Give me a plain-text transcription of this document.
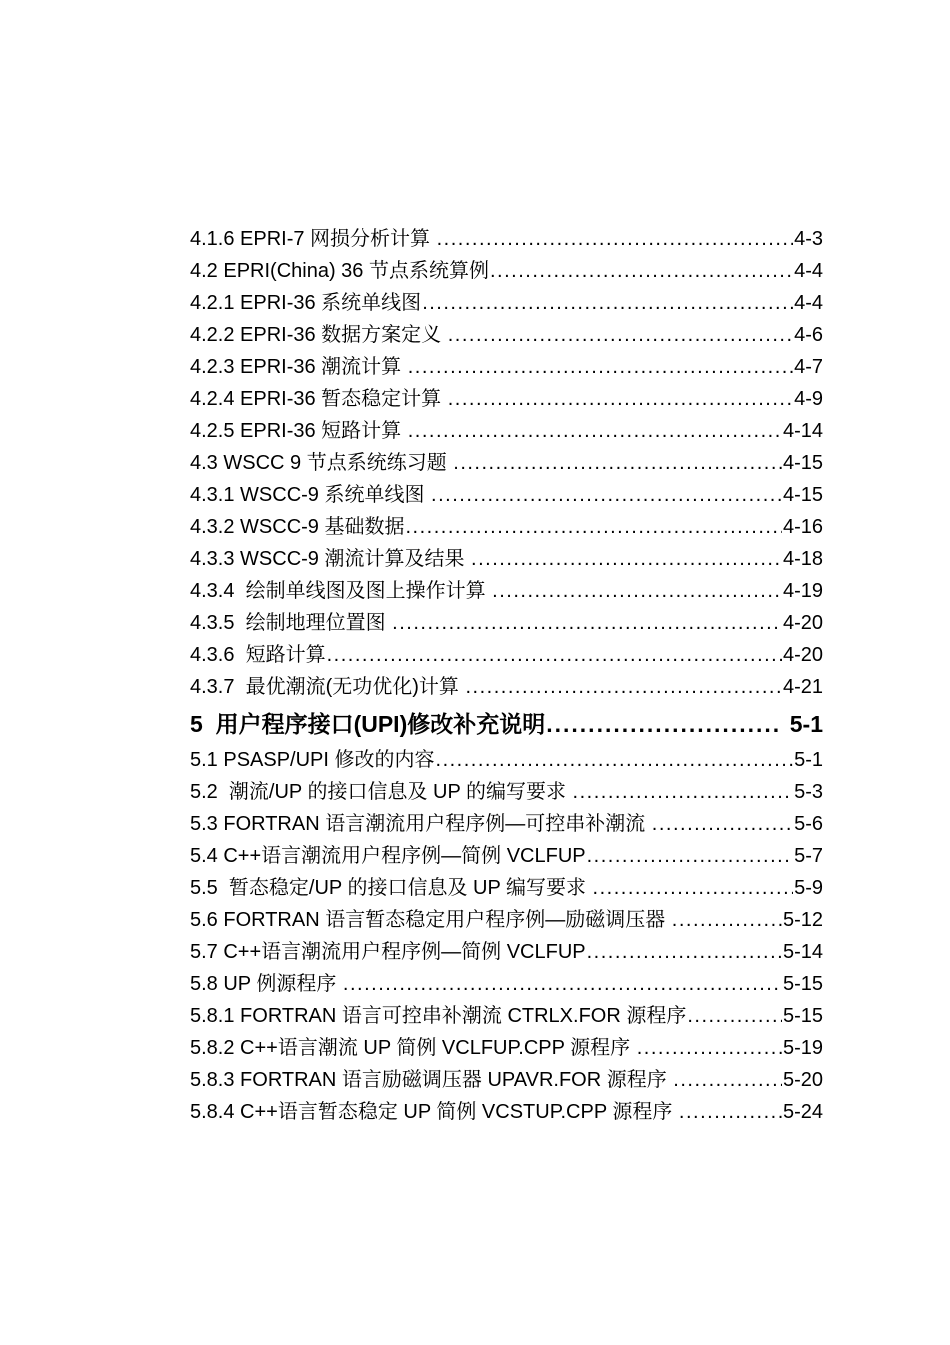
4.1.6 EPRI-7 网损分析计算 .....	4-3
4.2 EPRI(China) 36 节点系统算例 .....	4-4
4.2.1 EPRI-36 系统单线图 .....	4-4
4.2.2 EPRI-36 数据方案定义 .....	4-6
4.2.3 EPRI-36 潮流计算 .....	4-7
4.2.4 EPRI-36 暂态稳定计算 .....	4-9
4.2.5 EPRI-36 短路计算 .....	4-14
4.3 WSCC 9 节点系统练习题 .....	4-15
4.3.1 WSCC-9 系统单线图 .....	4-15
4.3.2 WSCC-9 基础数据 .....	4-16
4.3.3 WSCC-9 潮流计算及结果 .....	4-18
4.3.4  绘制单线图及图上操作计算 .....	4-19
4.3.5  绘制地理位置图 .....	4-20
4.3.6  短路计算 .....	4-20
4.3.7  最优潮流(无功优化)计算 .....	4-21
5  用户程序接口(UPI)修改补充说明 .....	5-1
5.1 PSASP/UPI 修改的内容 .....	5-1
5.2  潮流/UP 的接口信息及 UP 的编写要求 .....	5-3
5.3 FORTRAN 语言潮流用户程序例—可控串补潮流 .....	5-6
5.4 C++语言潮流用户程序例—简例 VCLFUP .....	5-7
5.5  暂态稳定/UP 的接口信息及 UP 编写要求 .....	5-9
5.6 FORTRAN 语言暂态稳定用户程序例—励磁调压器 .....	5-12
5.7 C++语言潮流用户程序例—简例 VCLFUP .....	5-14
5.8 UP 例源程序 .....	5-15
5.8.1 FORTRAN 语言可控串补潮流 CTRLX.FOR 源程序 .....	5-15
5.8.2 C++语言潮流 UP 简例 VCLFUP.CPP 源程序 .....	5-19
5.8.3 FORTRAN 语言励磁调压器 UPAVR.FOR 源程序 .....	5-20
5.8.4 C++语言暂态稳定 UP 简例 VCSTUP.CPP 源程序 .....	5-24
